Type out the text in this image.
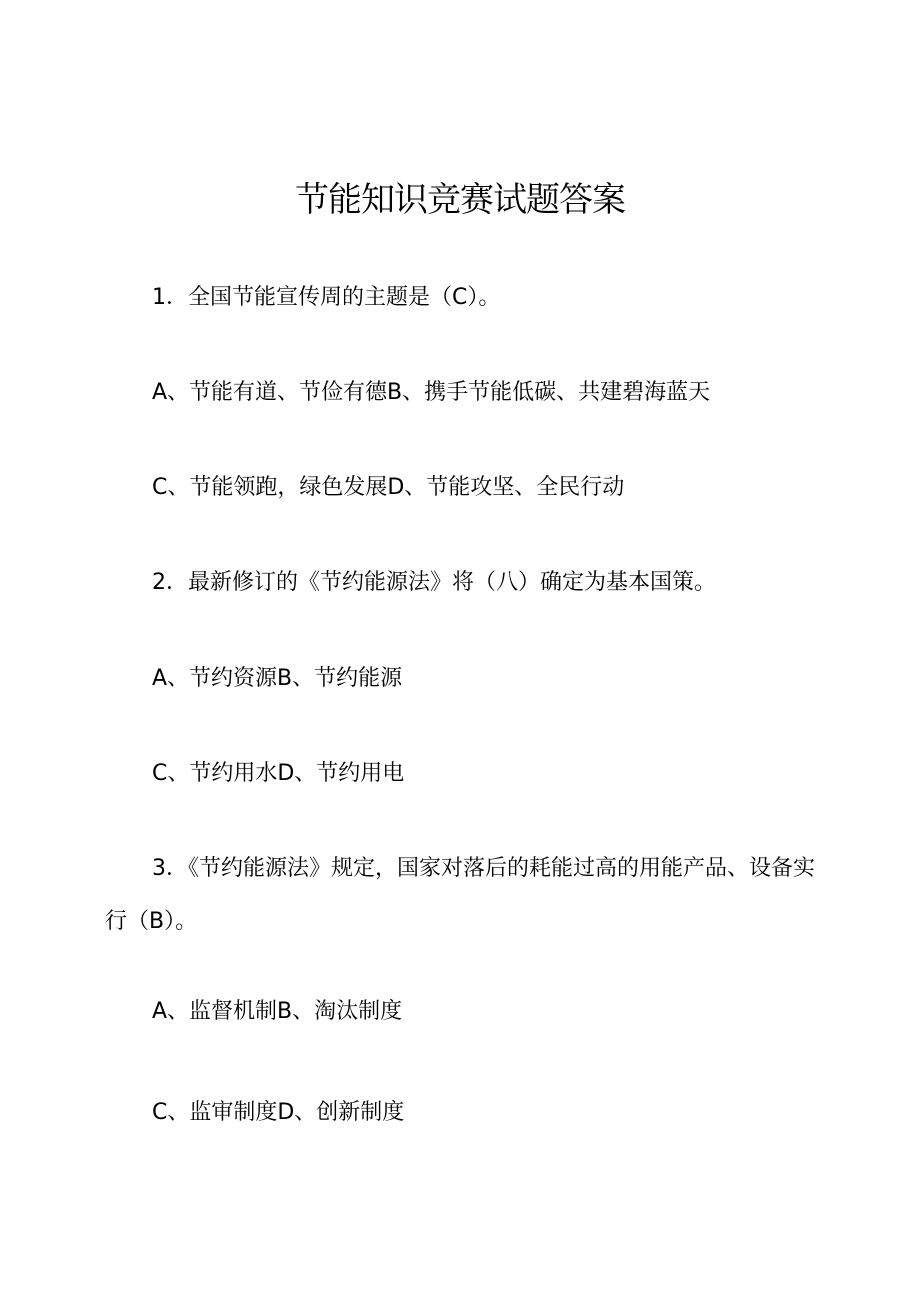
节能知识竞赛试题答案
1．全国节能宣传周的主题是（C）。
A、节能有道、节俭有德B、携手节能低碳、共建碧海蓝天
C、节能领跑，绿色发展D、节能攻坚、全民行动
2．最新修订的《节约能源法》将（八）确定为基本国策。
A、节约资源B、节约能源
C、节约用水D、节约用电
3．《节约能源法》规定，国家对落后的耗能过高的用能产品、设备实行（B）。
A、监督机制B、淘汰制度
C、监审制度D、创新制度
